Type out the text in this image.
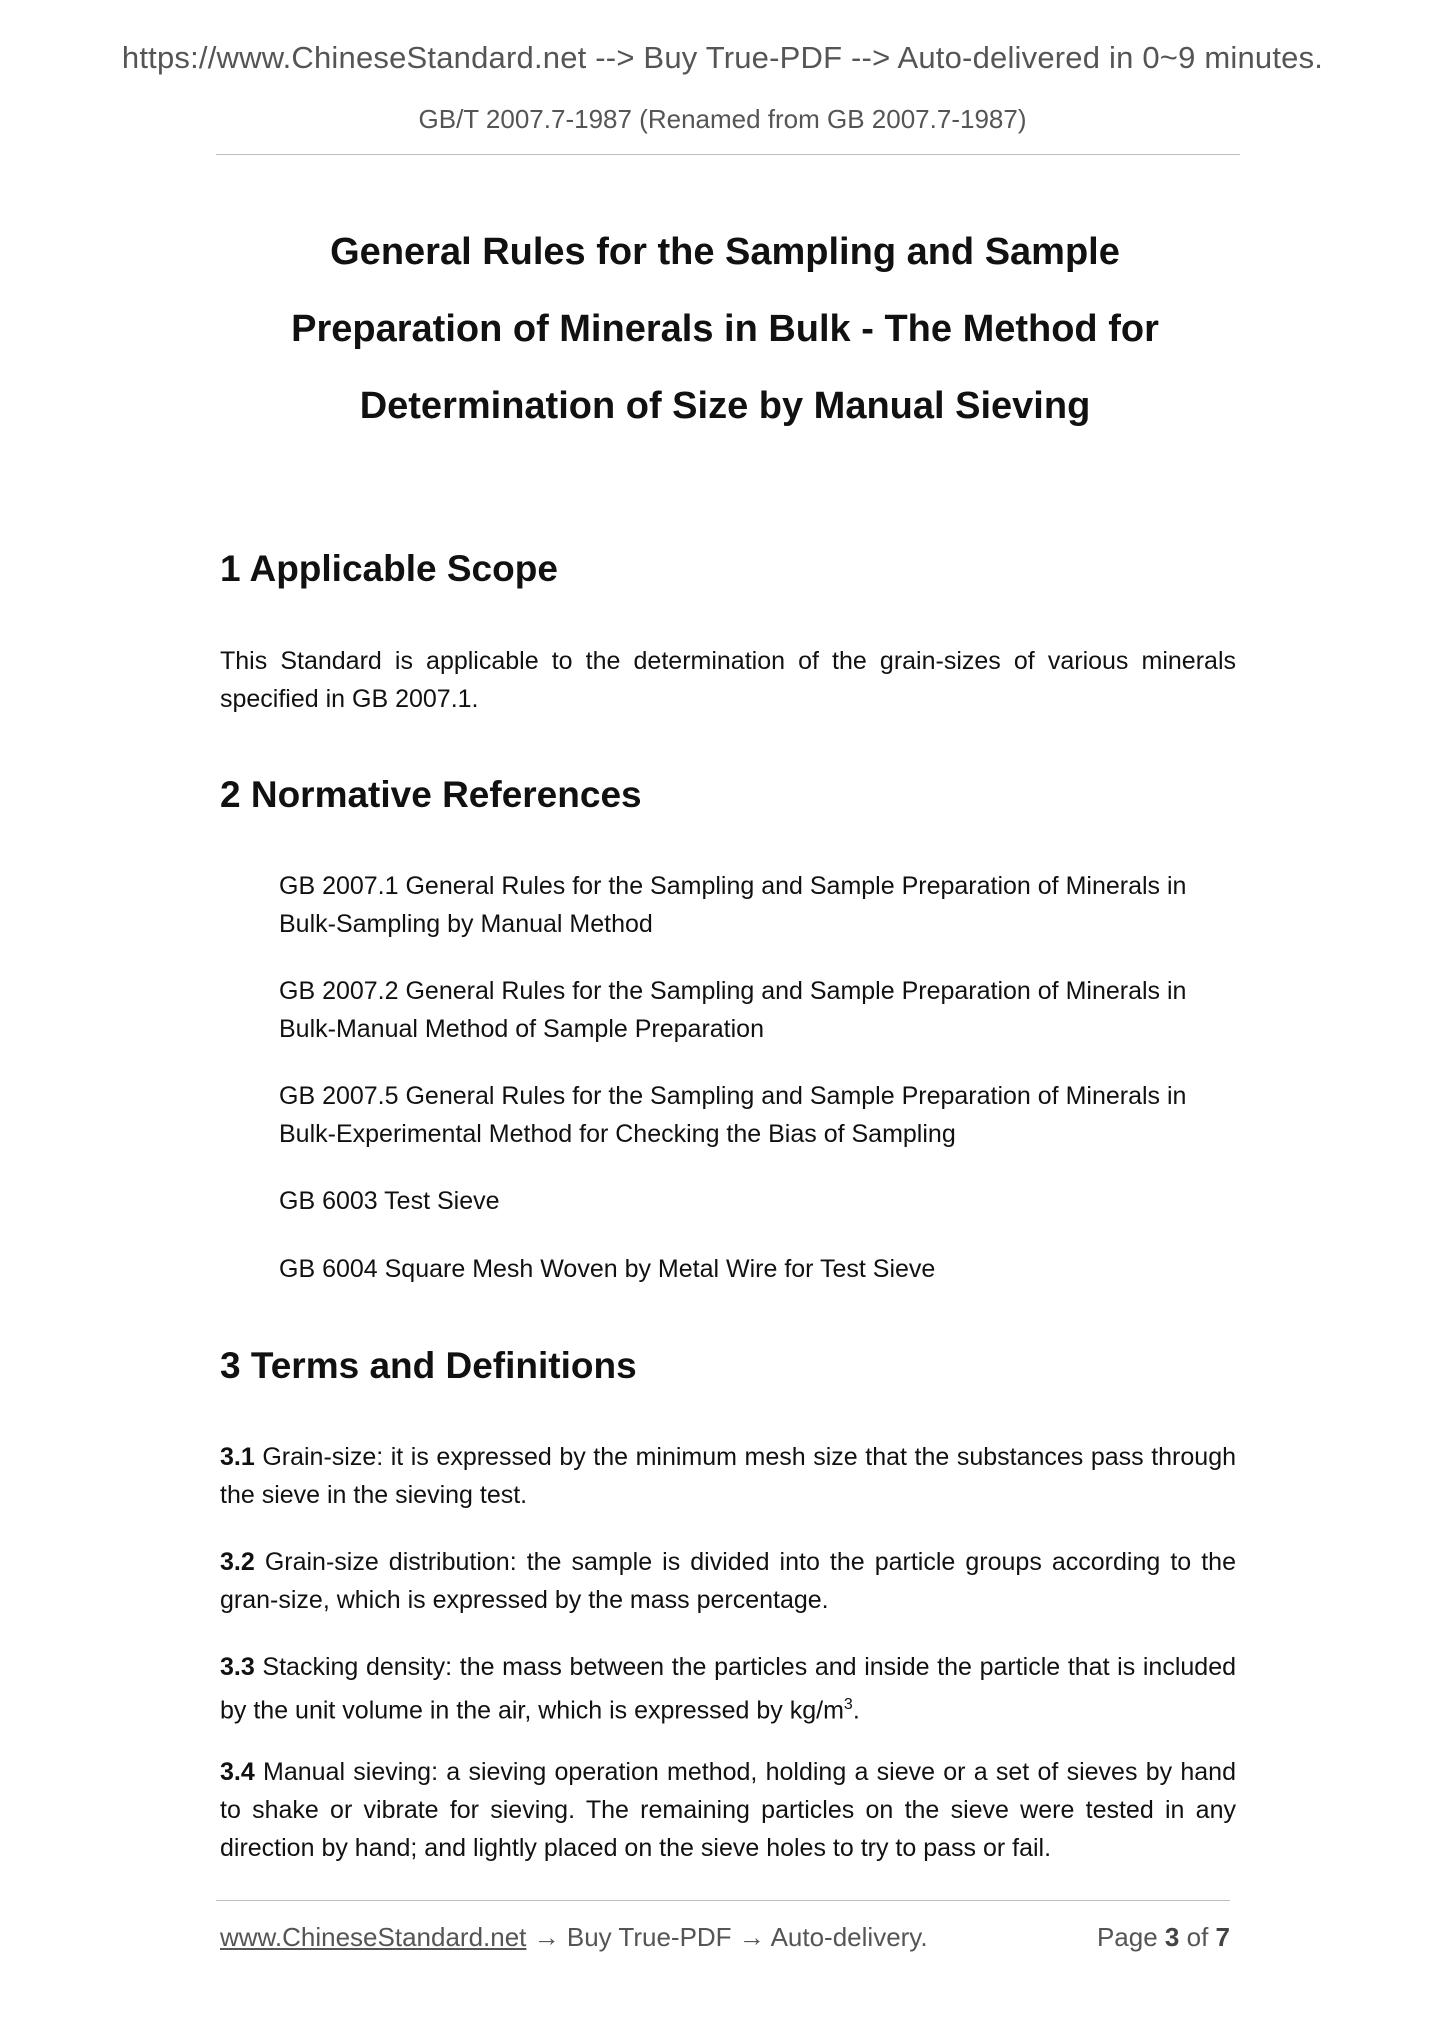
https://www.ChineseStandard.net --> Buy True-PDF --> Auto-delivered in 0~9 minutes.
GB/T 2007.7-1987 (Renamed from GB 2007.7-1987)
General Rules for the Sampling and Sample
Preparation of Minerals in Bulk - The Method for
Determination of Size by Manual Sieving
1 Applicable Scope

This Standard is applicable to the determination of the grain-sizes of various minerals specified in GB 2007.1.

2 Normative References

GB 2007.1 General Rules for the Sampling and Sample Preparation of Minerals in Bulk-Sampling by Manual Method

GB 2007.2 General Rules for the Sampling and Sample Preparation of Minerals in Bulk-Manual Method of Sample Preparation

GB 2007.5 General Rules for the Sampling and Sample Preparation of Minerals in Bulk-Experimental Method for Checking the Bias of Sampling

GB 6003 Test Sieve

GB 6004 Square Mesh Woven by Metal Wire for Test Sieve

3 Terms and Definitions

3.1 Grain-size: it is expressed by the minimum mesh size that the substances pass through the sieve in the sieving test.

3.2 Grain-size distribution: the sample is divided into the particle groups according to the gran-size, which is expressed by the mass percentage.

3.3 Stacking density: the mass between the particles and inside the particle that is included by the unit volume in the air, which is expressed by $kg/m^3$.

3.4 Manual sieving: a sieving operation method, holding a sieve or a set of sieves by hand to shake or vibrate for sieving. The remaining particles on the sieve were tested in any direction by hand; and lightly placed on the sieve holes to try to pass or fail.

www.ChineseStandard.net → Buy True-PDF → Auto-delivery.	Page 3 of 7
